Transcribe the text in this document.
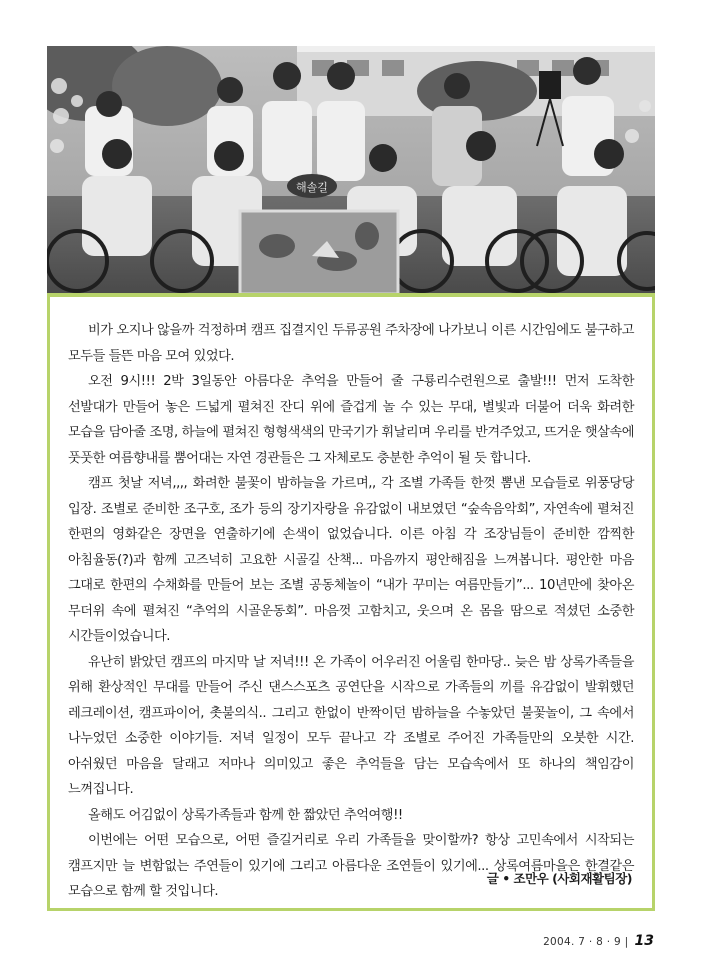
해솔길

비가 오지나 않을까 걱정하며 캠프 집결지인 두류공원 주차장에 나가보니 이른 시간임에도 불구하고 모두들 들뜬 마음 모여 있었다.

오전 9시!!! 2박 3일동안 아름다운 추억을 만들어 줄 구룡리수련원으로 출발!!! 먼저 도착한 선발대가 만들어 놓은 드넓게 펼쳐진 잔디 위에 즐겁게 놀 수 있는 무대, 별빛과 더불어 더욱 화려한 모습을 담아줄 조명, 하늘에 펼쳐진 형형색색의 만국기가 휘날리며 우리를 반겨주었고, 뜨거운 햇살속에 풋풋한 여름향내를 뿜어대는 자연 경관들은 그 자체로도 충분한 추억이 될 듯 합니다.

캠프 첫날 저녁,,,, 화려한 불꽃이 밤하늘을 가르며,, 각 조별 가족들 한껏 뽐낸 모습들로 위풍당당 입장. 조별로 준비한 조구호, 조가 등의 장기자랑을 유감없이 내보였던 “숲속음악회”, 자연속에 펼쳐진 한편의 영화같은 장면을 연출하기에 손색이 없었습니다. 이른 아침 각 조장님들이 준비한 깜찍한 아침율동(?)과 함께 고즈넉히 고요한 시골길 산책... 마음까지 평안해짐을 느껴봅니다. 평안한 마음 그대로 한편의 수채화를 만들어 보는 조별 공동체놀이 “내가 꾸미는 여름만들기”... 10년만에 찾아온 무더위 속에 펼쳐진 “추억의 시골운동회”. 마음껏 고함치고, 웃으며 온 몸을 땀으로 적셨던 소중한 시간들이었습니다.

유난히 밝았던 캠프의 마지막 날 저녁!!! 온 가족이 어우러진 어울림 한마당.. 늦은 밤 상록가족들을 위해 환상적인 무대를 만들어 주신 댄스스포츠 공연단을 시작으로 가족들의 끼를 유감없이 발휘했던 레크레이션, 캠프파이어, 촛불의식.. 그리고 한없이 반짝이던 밤하늘을 수놓았던 불꽃놀이, 그 속에서 나누었던 소중한 이야기들. 저녁 일정이 모두 끝나고 각 조별로 주어진 가족들만의 오붓한 시간. 아쉬웠던 마음을 달래고 저마나 의미있고 좋은 추억들을 담는 모습속에서 또 하나의 책임감이 느껴집니다.

올해도 어김없이 상록가족들과 함께 한 짧았던 추억여행!!

이번에는 어떤 모습으로, 어떤 즐길거리로 우리 가족들을 맞이할까? 항상 고민속에서 시작되는 캠프지만 늘 변함없는 주연들이 있기에 그리고 아름다운 조연들이 있기에... 상록여름마을은 한결같은 모습으로 함께 할 것입니다.

글 • 조만우 (사회재활팀장)
2004. 7 · 8 · 9 | 13
